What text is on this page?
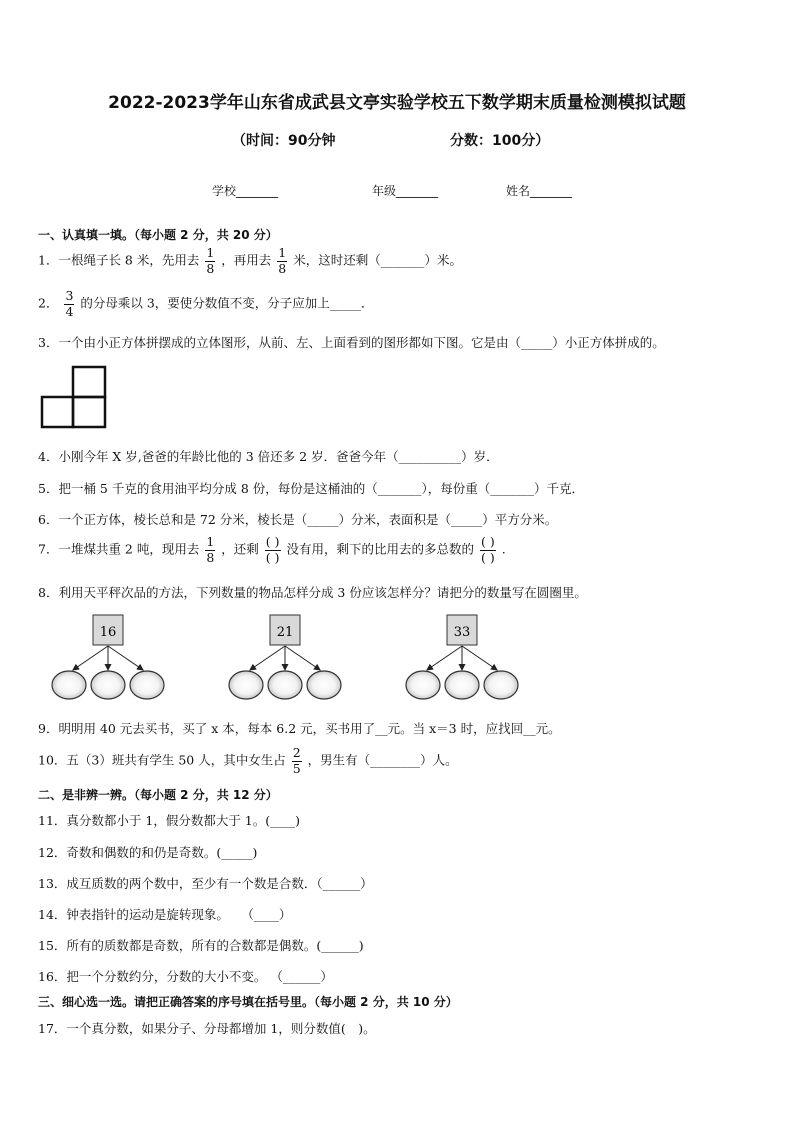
2022-2023学年山东省成武县文亭实验学校五下数学期末质量检测模拟试题
（时间：90分钟	分数：100分）
学校_______	年级_______	姓名_______
一、认真填一填。（每小题 2 分，共 20 分）
1．一根绳子长 8 米，先用去 $\frac{1}{8}$ ，再用去 $\frac{1}{8}$ 米，这时还剩（_______）米。
2． $\frac{3}{4}$ 的分母乘以 3，要使分数值不变，分子应加上_____．
3．一个由小正方体拼摆成的立体图形，从前、左、上面看到的图形都如下图。它是由（_____）小正方体拼成的。
4．小刚今年 X 岁,爸爸的年龄比他的 3 倍还多 2 岁．爸爸今年（__________）岁．
5．把一桶 5 千克的食用油平均分成 8 份，每份是这桶油的（_______），每份重（_______）千克．
6．一个正方体，棱长总和是 72 分米，棱长是（_____）分米，表面积是（_____）平方分米。
7．一堆煤共重 2 吨，现用去 $\frac{1}{8}$ ，还剩 $\frac{( )}{( )}$ 没有用，剩下的比用去的多总数的 $\frac{( )}{( )}$ .
8．利用天平秤次品的方法，下列数量的物品怎样分成 3 份应该怎样分？请把分的数量写在圆圈里。
16	21	33
9．明明用 40 元去买书，买了 x 本，每本 6.2 元，买书用了__元。当 x＝3 时，应找回__元。
10．五（3）班共有学生 50 人，其中女生占 $\frac{2}{5}$ ，男生有（________）人。
二、是非辨一辨。（每小题 2 分，共 12 分）
11．真分数都小于 1，假分数都大于 1。(____)
12．奇数和偶数的和仍是奇数。(_____)
13．成互质数的两个数中，至少有一个数是合数．（______）
14．钟表指针的运动是旋转现象。　　（____）
15．所有的质数都是奇数，所有的合数都是偶数。(______)
16．把一个分数约分，分数的大小不变。 （______）
三、细心选一选。请把正确答案的序号填在括号里。（每小题 2 分，共 10 分）
17．一个真分数，如果分子、分母都增加 1，则分数值(　)。
